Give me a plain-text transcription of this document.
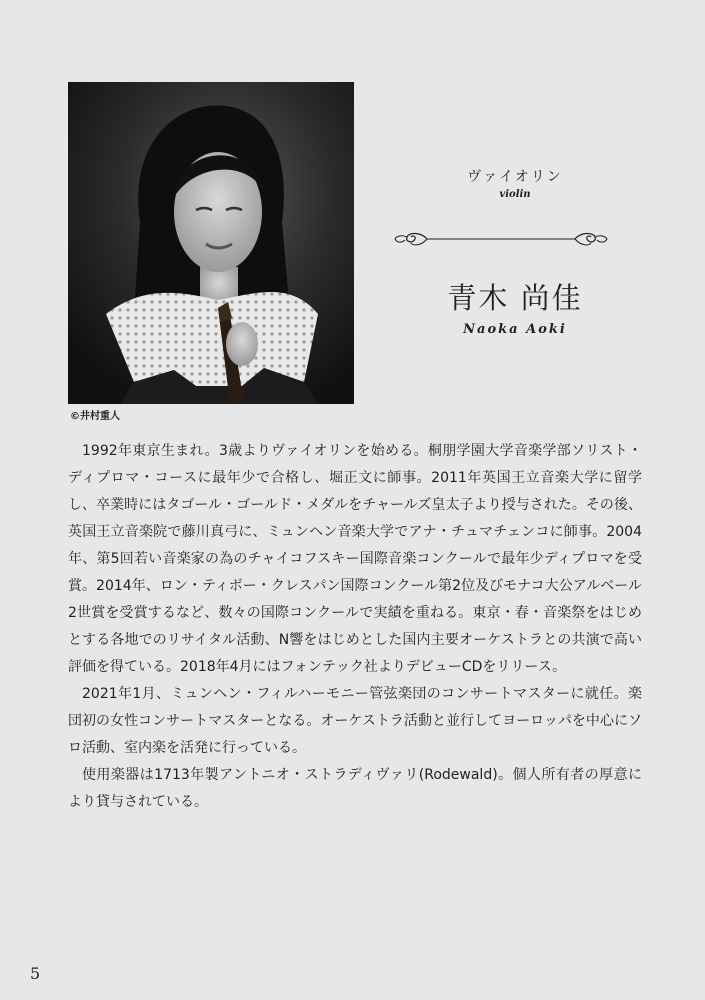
©井村重人
ヴァイオリン
violin
青木 尚佳
Naoka Aoki

1992年東京生まれ。3歳よりヴァイオリンを始める。桐朋学園大学音楽学部ソリスト・ディプロマ・コースに最年少で合格し、堀正文に師事。2011年英国王立音楽大学に留学し、卒業時にはタゴール・ゴールド・メダルをチャールズ皇太子より授与された。その後、英国王立音楽院で藤川真弓に、ミュンヘン音楽大学でアナ・チュマチェンコに師事。2004年、第5回若い音楽家の為のチャイコフスキー国際音楽コンクールで最年少ディプロマを受賞。2014年、ロン・ティボー・クレスパン国際コンクール第2位及びモナコ大公アルベール2世賞を受賞するなど、数々の国際コンクールで実績を重ねる。東京・春・音楽祭をはじめとする各地でのリサイタル活動、N響をはじめとした国内主要オーケストラとの共演で高い評価を得ている。2018年4月にはフォンテック社よりデビューCDをリリース。

2021年1月、ミュンヘン・フィルハーモニー管弦楽団のコンサートマスターに就任。楽団初の女性コンサートマスターとなる。オーケストラ活動と並行してヨーロッパを中心にソロ活動、室内楽を活発に行っている。

使用楽器は1713年製アントニオ・ストラディヴァリ(Rodewald)。個人所有者の厚意により貸与されている。

5
